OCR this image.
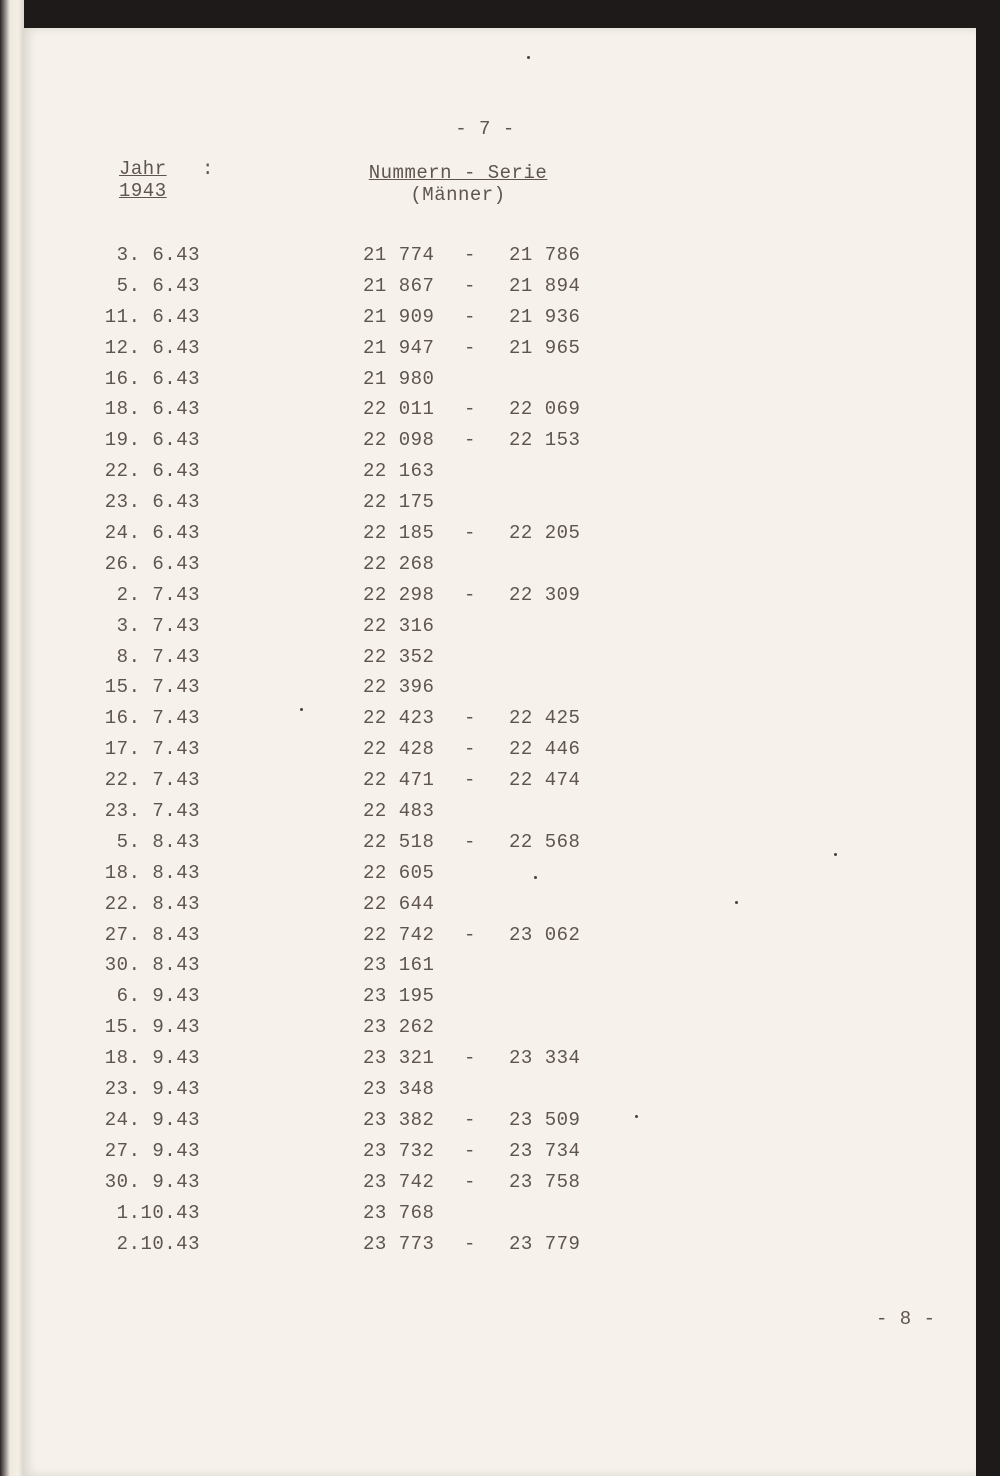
- 7 -
Jahr
1943
:	Nummern - Serie
(Männer)
3. 6.43	21 774 - 21 786
5. 6.43	21 867 - 21 894
11. 6.43	21 909 - 21 936
12. 6.43	21 947 - 21 965
16. 6.43	21 980
18. 6.43	22 011 - 22 069
19. 6.43	22 098 - 22 153
22. 6.43	22 163
23. 6.43	22 175
24. 6.43	22 185 - 22 205
26. 6.43	22 268
2. 7.43	22 298 - 22 309
3. 7.43	22 316
8. 7.43	22 352
15. 7.43	22 396
16. 7.43	22 423 - 22 425
17. 7.43	22 428 - 22 446
22. 7.43	22 471 - 22 474
23. 7.43	22 483
5. 8.43	22 518 - 22 568
18. 8.43	22 605
22. 8.43	22 644
27. 8.43	22 742 - 23 062
30. 8.43	23 161
6. 9.43	23 195
15. 9.43	23 262
18. 9.43	23 321 - 23 334
23. 9.43	23 348
24. 9.43	23 382 - 23 509
27. 9.43	23 732 - 23 734
30. 9.43	23 742 - 23 758
1.10.43	23 768
2.10.43	23 773 - 23 779
- 8 -
